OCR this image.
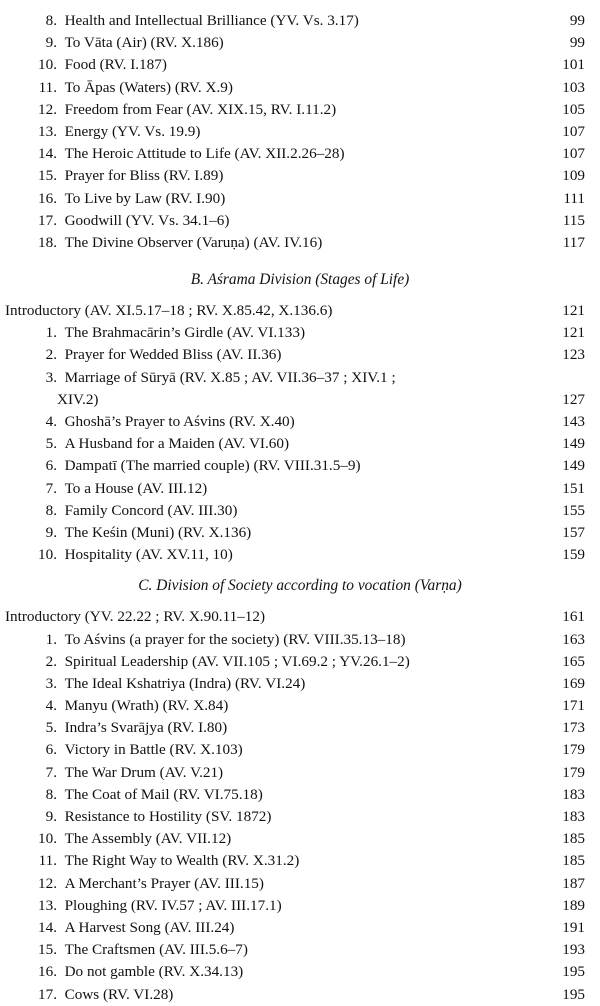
8. Health and Intellectual Brilliance (YV. Vs. 3.17)	99
9. To Vāta (Air) (RV. X.186)	99
10. Food (RV. I.187)	101
11. To Āpas (Waters) (RV. X.9)	103
12. Freedom from Fear (AV. XIX.15, RV. I.11.2)	105
13. Energy (YV. Vs. 19.9)	107
14. The Heroic Attitude to Life (AV. XII.2.26–28)	107
15. Prayer for Bliss (RV. I.89)	109
16. To Live by Law (RV. I.90)	111
17. Goodwill (YV. Vs. 34.1–6)	115
18. The Divine Observer (Varuṇa) (AV. IV.16)	117
B. Aśrama Division (Stages of Life)
Introductory (AV. XI.5.17–18 ; RV. X.85.42, X.136.6)	121
1. The Brahmacārin’s Girdle (AV. VI.133)	121
2. Prayer for Wedded Bliss (AV. II.36)	123
3. Marriage of Sūryā (RV. X.85 ; AV. VII.36–37 ; XIV.1 ;
XIV.2)	127
4. Ghoshā’s Prayer to Aśvins (RV. X.40)	143
5. A Husband for a Maiden (AV. VI.60)	149
6. Dampatī (The married couple) (RV. VIII.31.5–9)	149
7. To a House (AV. III.12)	151
8. Family Concord (AV. III.30)	155
9. The Keśin (Muni) (RV. X.136)	157
10. Hospitality (AV. XV.11, 10)	159
C. Division of Society according to vocation (Varṇa)
Introductory (YV. 22.22 ; RV. X.90.11–12)	161
1. To Aśvins (a prayer for the society) (RV. VIII.35.13–18)	163
2. Spiritual Leadership (AV. VII.105 ; VI.69.2 ; YV.26.1–2)	165
3. The Ideal Kshatriya (Indra) (RV. VI.24)	169
4. Manyu (Wrath) (RV. X.84)	171
5. Indra’s Svarājya (RV. I.80)	173
6. Victory in Battle (RV. X.103)	179
7. The War Drum (AV. V.21)	179
8. The Coat of Mail (RV. VI.75.18)	183
9. Resistance to Hostility (SV. 1872)	183
10. The Assembly (AV. VII.12)	185
11. The Right Way to Wealth (RV. X.31.2)	185
12. A Merchant’s Prayer (AV. III.15)	187
13. Ploughing (RV. IV.57 ; AV. III.17.1)	189
14. A Harvest Song (AV. III.24)	191
15. The Craftsmen (AV. III.5.6–7)	193
16. Do not gamble (RV. X.34.13)	195
17. Cows (RV. VI.28)	195
